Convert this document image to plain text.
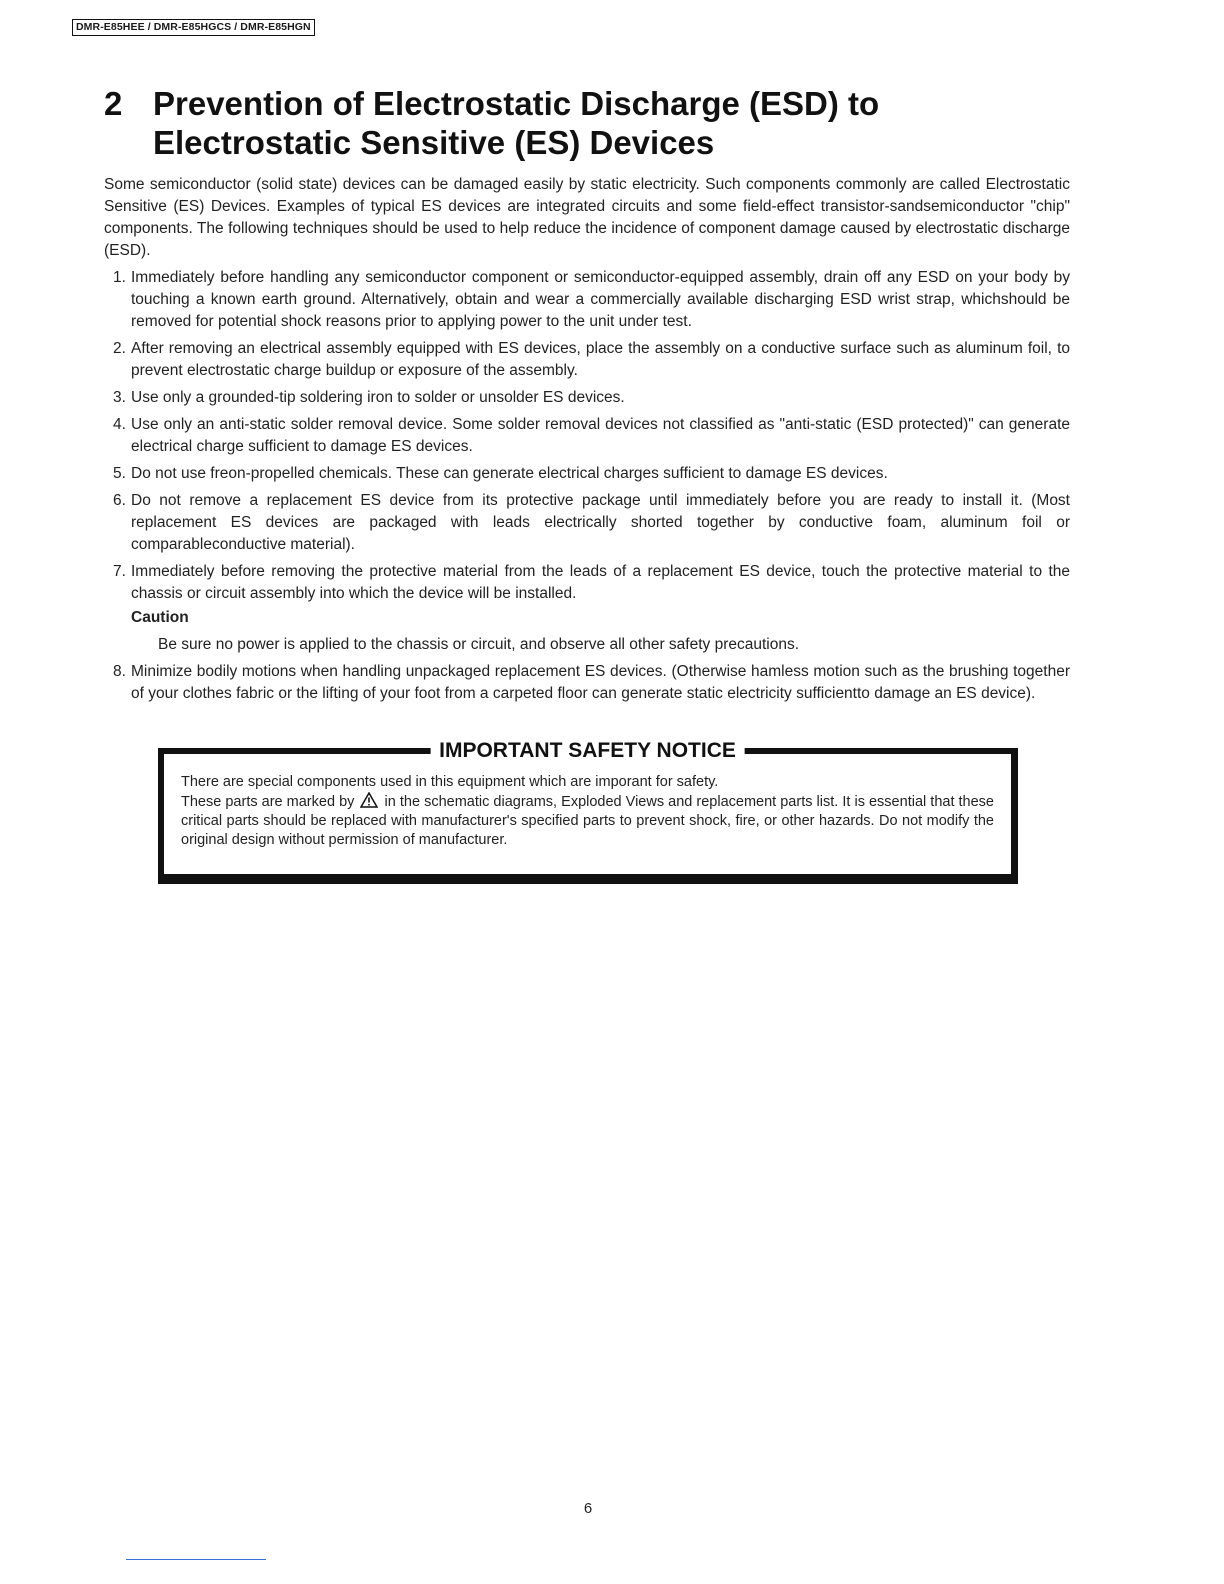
DMR-E85HEE / DMR-E85HGCS / DMR-E85HGN
2 Prevention of Electrostatic Discharge (ESD) to
Electrostatic Sensitive (ES) Devices

Some semiconductor (solid state) devices can be damaged easily by static electricity. Such components commonly are called Electrostatic Sensitive (ES) Devices. Examples of typical ES devices are integrated circuits and some field-effect transistor-sandsemiconductor "chip" components. The following techniques should be used to help reduce the incidence of component damage caused by electrostatic discharge (ESD).

1. Immediately before handling any semiconductor component or semiconductor-equipped assembly, drain off any ESD on your body by touching a known earth ground. Alternatively, obtain and wear a commercially available discharging ESD wrist strap, whichshould be removed for potential shock reasons prior to applying power to the unit under test.
2. After removing an electrical assembly equipped with ES devices, place the assembly on a conductive surface such as aluminum foil, to prevent electrostatic charge buildup or exposure of the assembly.
3. Use only a grounded-tip soldering iron to solder or unsolder ES devices.
4. Use only an anti-static solder removal device. Some solder removal devices not classified as "anti-static (ESD protected)" can generate electrical charge sufficient to damage ES devices.
5. Do not use freon-propelled chemicals. These can generate electrical charges sufficient to damage ES devices.
6. Do not remove a replacement ES device from its protective package until immediately before you are ready to install it. (Most replacement ES devices are packaged with leads electrically shorted together by conductive foam, aluminum foil or comparableconductive material).
7. Immediately before removing the protective material from the leads of a replacement ES device, touch the protective material to the chassis or circuit assembly into which the device will be installed.
Caution
Be sure no power is applied to the chassis or circuit, and observe all other safety precautions.
8. Minimize bodily motions when handling unpackaged replacement ES devices. (Otherwise hamless motion such as the brushing together of your clothes fabric or the lifting of your foot from a carpeted floor can generate static electricity sufficientto damage an ES device).
IMPORTANT SAFETY NOTICE

There are special components used in this equipment which are imporant for safety.

These parts are marked by in the schematic diagrams, Exploded Views and replacement parts list. It is essential that these critical parts should be replaced with manufacturer's specified parts to prevent shock, fire, or other hazards. Do not modify the original design without permission of manufacturer.

6
